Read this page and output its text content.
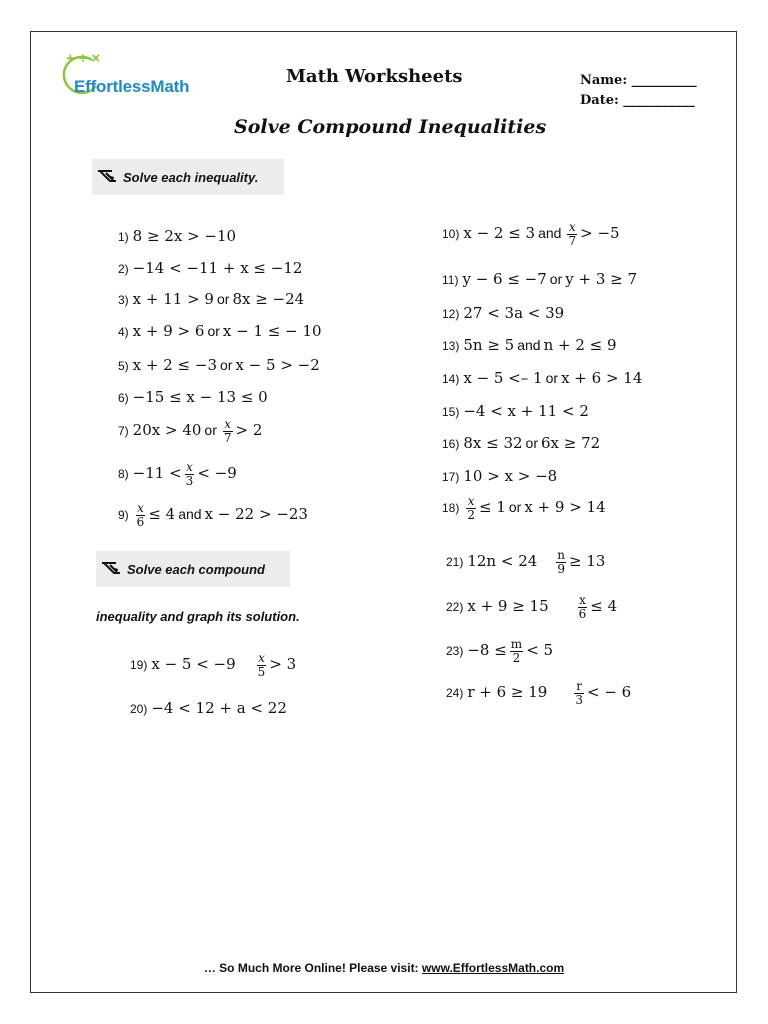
+ ÷ ×
EffortlessMath	Math Worksheets	Name: __________
Date: ___________
Solve Compound Inequalities
Solve each inequality.
1) 8 ≥ 2x > −10
2) −14 < −11 + x ≤ −12
3) x + 11 > 9 or 8x ≥ −24
4) x + 9 > 6 or x − 1 ≤ − 10
5) x + 2 ≤ −3 or x − 5 > −2
6) −15 ≤ x − 13 ≤ 0
7) 20x > 40 or $\frac{x}{7} > 2$
$8) -11 < \frac{x}{3} < -9$
$9) \frac{x}{6} \le 4$ and x − 22 > −23
10) x − 2 ≤ 3 and $\frac{x}{7} > -5$
11) y − 6 ≤ −7 or y + 3 ≥ 7
12) 27 < 3a < 39
13) 5n ≥ 5 and n + 2 ≤ 9
14) x − 5 <– 1 or x + 6 > 14
15) −4 < x + 11 < 2
16) 8x ≤ 32 or 6x ≥ 72
17) 10 > x > −8
$18) \frac{x}{2} \le 1$ or x + 9 > 14
Solve each compound
inequality and graph its solution.
19) $x - 5 < -9 \frac{x}{5} > 3$
20) −4 < 12 + a < 22
21) $12n < 24 \frac{n}{9} \ge 13$
22) $x + 9 \ge 15 \frac{x}{6} \le 4$
$23) -8 \le \frac{m}{2} < 5$
24) $r + 6 \ge 19 \frac{r}{3}$ < − 6
… So Much More Online! Please visit: www.EffortlessMath.com
